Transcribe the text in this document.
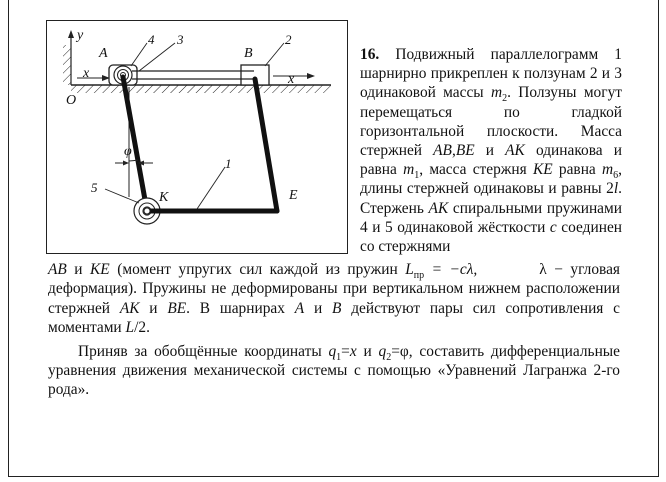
y
x
O
A	B
x
K	E
φ
4 3	2
1
5
16. Подвижный параллелограмм 1 шарнирно прикреплен к ползунам 2 и 3 одинаковой массы $m_2$. Ползуны могут перемещаться по гладкой горизонтальной плоскости. Масса стержней AB,BE и AK одинакова и равна $m_1$, масса стержня KE равна $m_6$, длины стержней одинаковы и равны 2l. Стержень AK спиральными пружинами 4 и 5 одинаковой жёсткости c соединен со стержнями

AB и KE (момент упругих сил каждой из пружин $L_{пр} = -c\lambda$,	λ − угловая деформация). Пружины не деформированы при вертикальном нижнем расположении стержней AK и BE. В шарнирах A и B действуют пары сил сопротивления с моментами L/2.

Приняв за обобщённые координаты $q_1=x$ и $q_2=\varphi$, составить дифференциальные уравнения движения механической системы с помощью «Уравнений Лагранжа 2-го рода».
